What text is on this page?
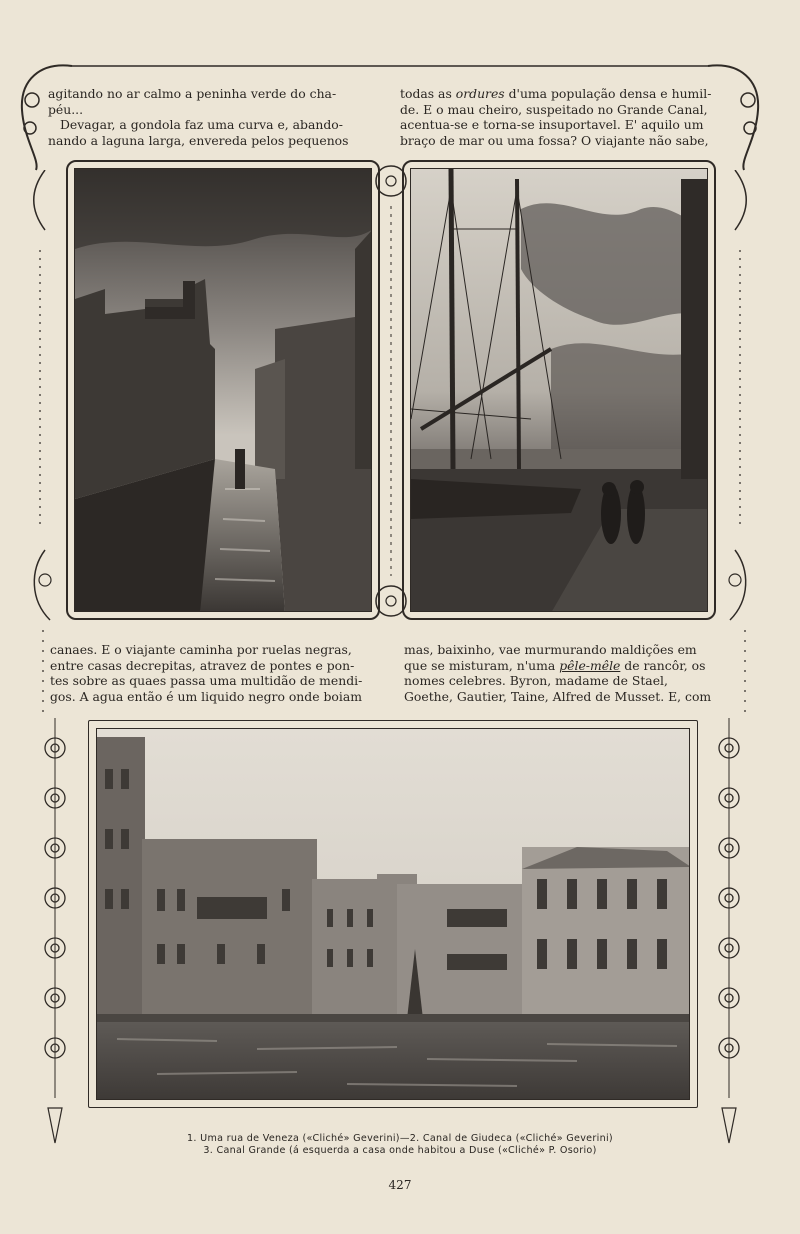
agitando no ar calmo a peninha verde do cha-

péu...

Devagar, a gondola faz uma curva e, abando-

nando a laguna larga, envereda pelos pequenos

todas as ordures d'uma população densa e humil-

de. E o mau cheiro, suspeitado no Grande Canal,

acentua-se e torna-se insuportavel. E' aquilo um

braço de mar ou uma fossa? O viajante não sabe,

canaes. E o viajante caminha por ruelas negras,

entre casas decrepitas, atravez de pontes e pon-

tes sobre as quaes passa uma multidão de mendi-

gos. A agua então é um liquido negro onde boiam

mas, baixinho, vae murmurando maldições em

que se misturam, n'uma pêle-mêle de rancôr, os

nomes celebres. Byron, madame de Stael,

Goethe, Gautier, Taine, Alfred de Musset. E, com

1. Uma rua de Veneza («Cliché» Geverini)—2. Canal de Giudeca («Cliché» Geverini)
3. Canal Grande (á esquerda a casa onde habitou a Duse («Cliché» P. Osorio)
427
